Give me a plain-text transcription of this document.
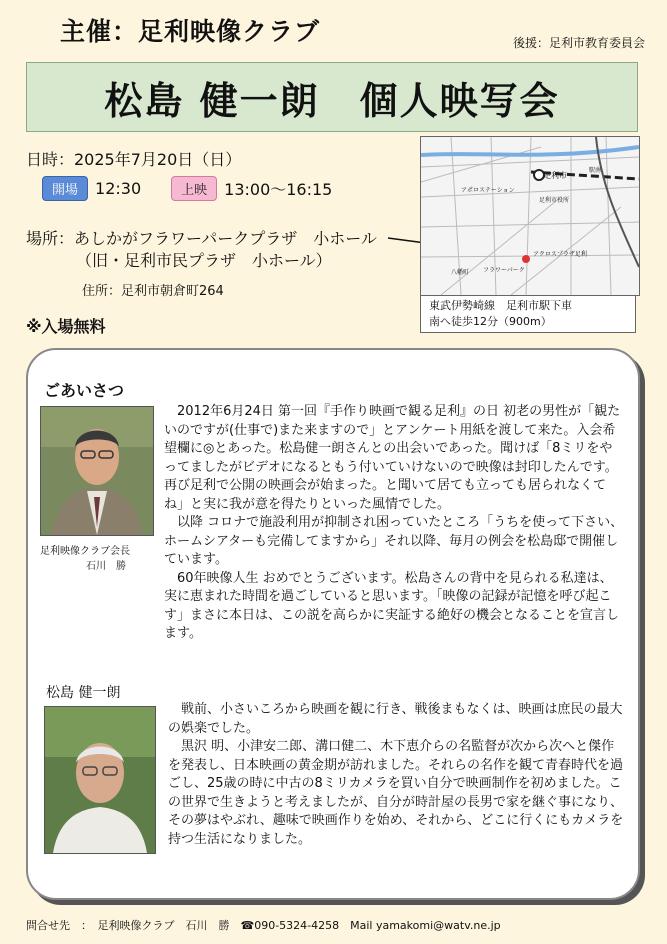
主催：足利映像クラブ	後援：足利市教育委員会
松島 健一朗　個人映写会
日時：2025年7月20日（日）
開場	12:30	上映	13:00～16:15
場所：あしかがフラワーパークプラザ　小ホール
（旧・足利市民プラザ　小ホール）
住所：足利市朝倉町264
※入場無料
足利市
アポロステーション
足利市役所
アクロスプラザ足利
フラワーパーク
八幡町
駅南
東武伊勢崎線　足利市駅下車
南へ徒歩12分（900m）
ごあいさつ
足利映像クラブ会長
石川　勝

2012年6月24日 第一回『手作り映画で観る足利』の日 初老の男性が「観たいのですが(仕事で)また来ますので」とアンケート用紙を渡して来た。入会希望欄に◎とあった。松島健一朗さんとの出会いであった。聞けば「8ミリをやってましたがビデオになるともう付いていけないので映像は封印したんです。再び足利で公開の映画会が始まった。と聞いて居ても立っても居られなくてね」と実に我が意を得たりといった風情でした。

以降 コロナで施設利用が抑制され困っていたところ「うちを使って下さい、ホームシアターも完備してますから」それ以降、毎月の例会を松島邸で開催しています。

60年映像人生 おめでとうございます。松島さんの背中を見られる私達は、実に恵まれた時間を過ごしていると思います。「映像の記録が記憶を呼び起こす」まさに本日は、この説を高らかに実証する絶好の機会となることを宣言します。

松島 健一朗

戦前、小さいころから映画を観に行き、戦後まもなくは、映画は庶民の最大の娯楽でした。

黒沢 明、小津安二郎、溝口健二、木下恵介らの名監督が次から次へと傑作を発表し、日本映画の黄金期が訪れました。それらの名作を観て青春時代を過ごし、25歳の時に中古の8ミリカメラを買い自分で映画制作を初めました。この世界で生きようと考えましたが、自分が時計屋の長男で家を継ぐ事になり、その夢はやぶれ、趣味で映画作りを始め、それから、どこに行くにもカメラを持つ生活になりました。

問合せ先　：　足利映像クラブ　石川　勝　☎090-5324-4258　Mail yamakomi@watv.ne.jp
